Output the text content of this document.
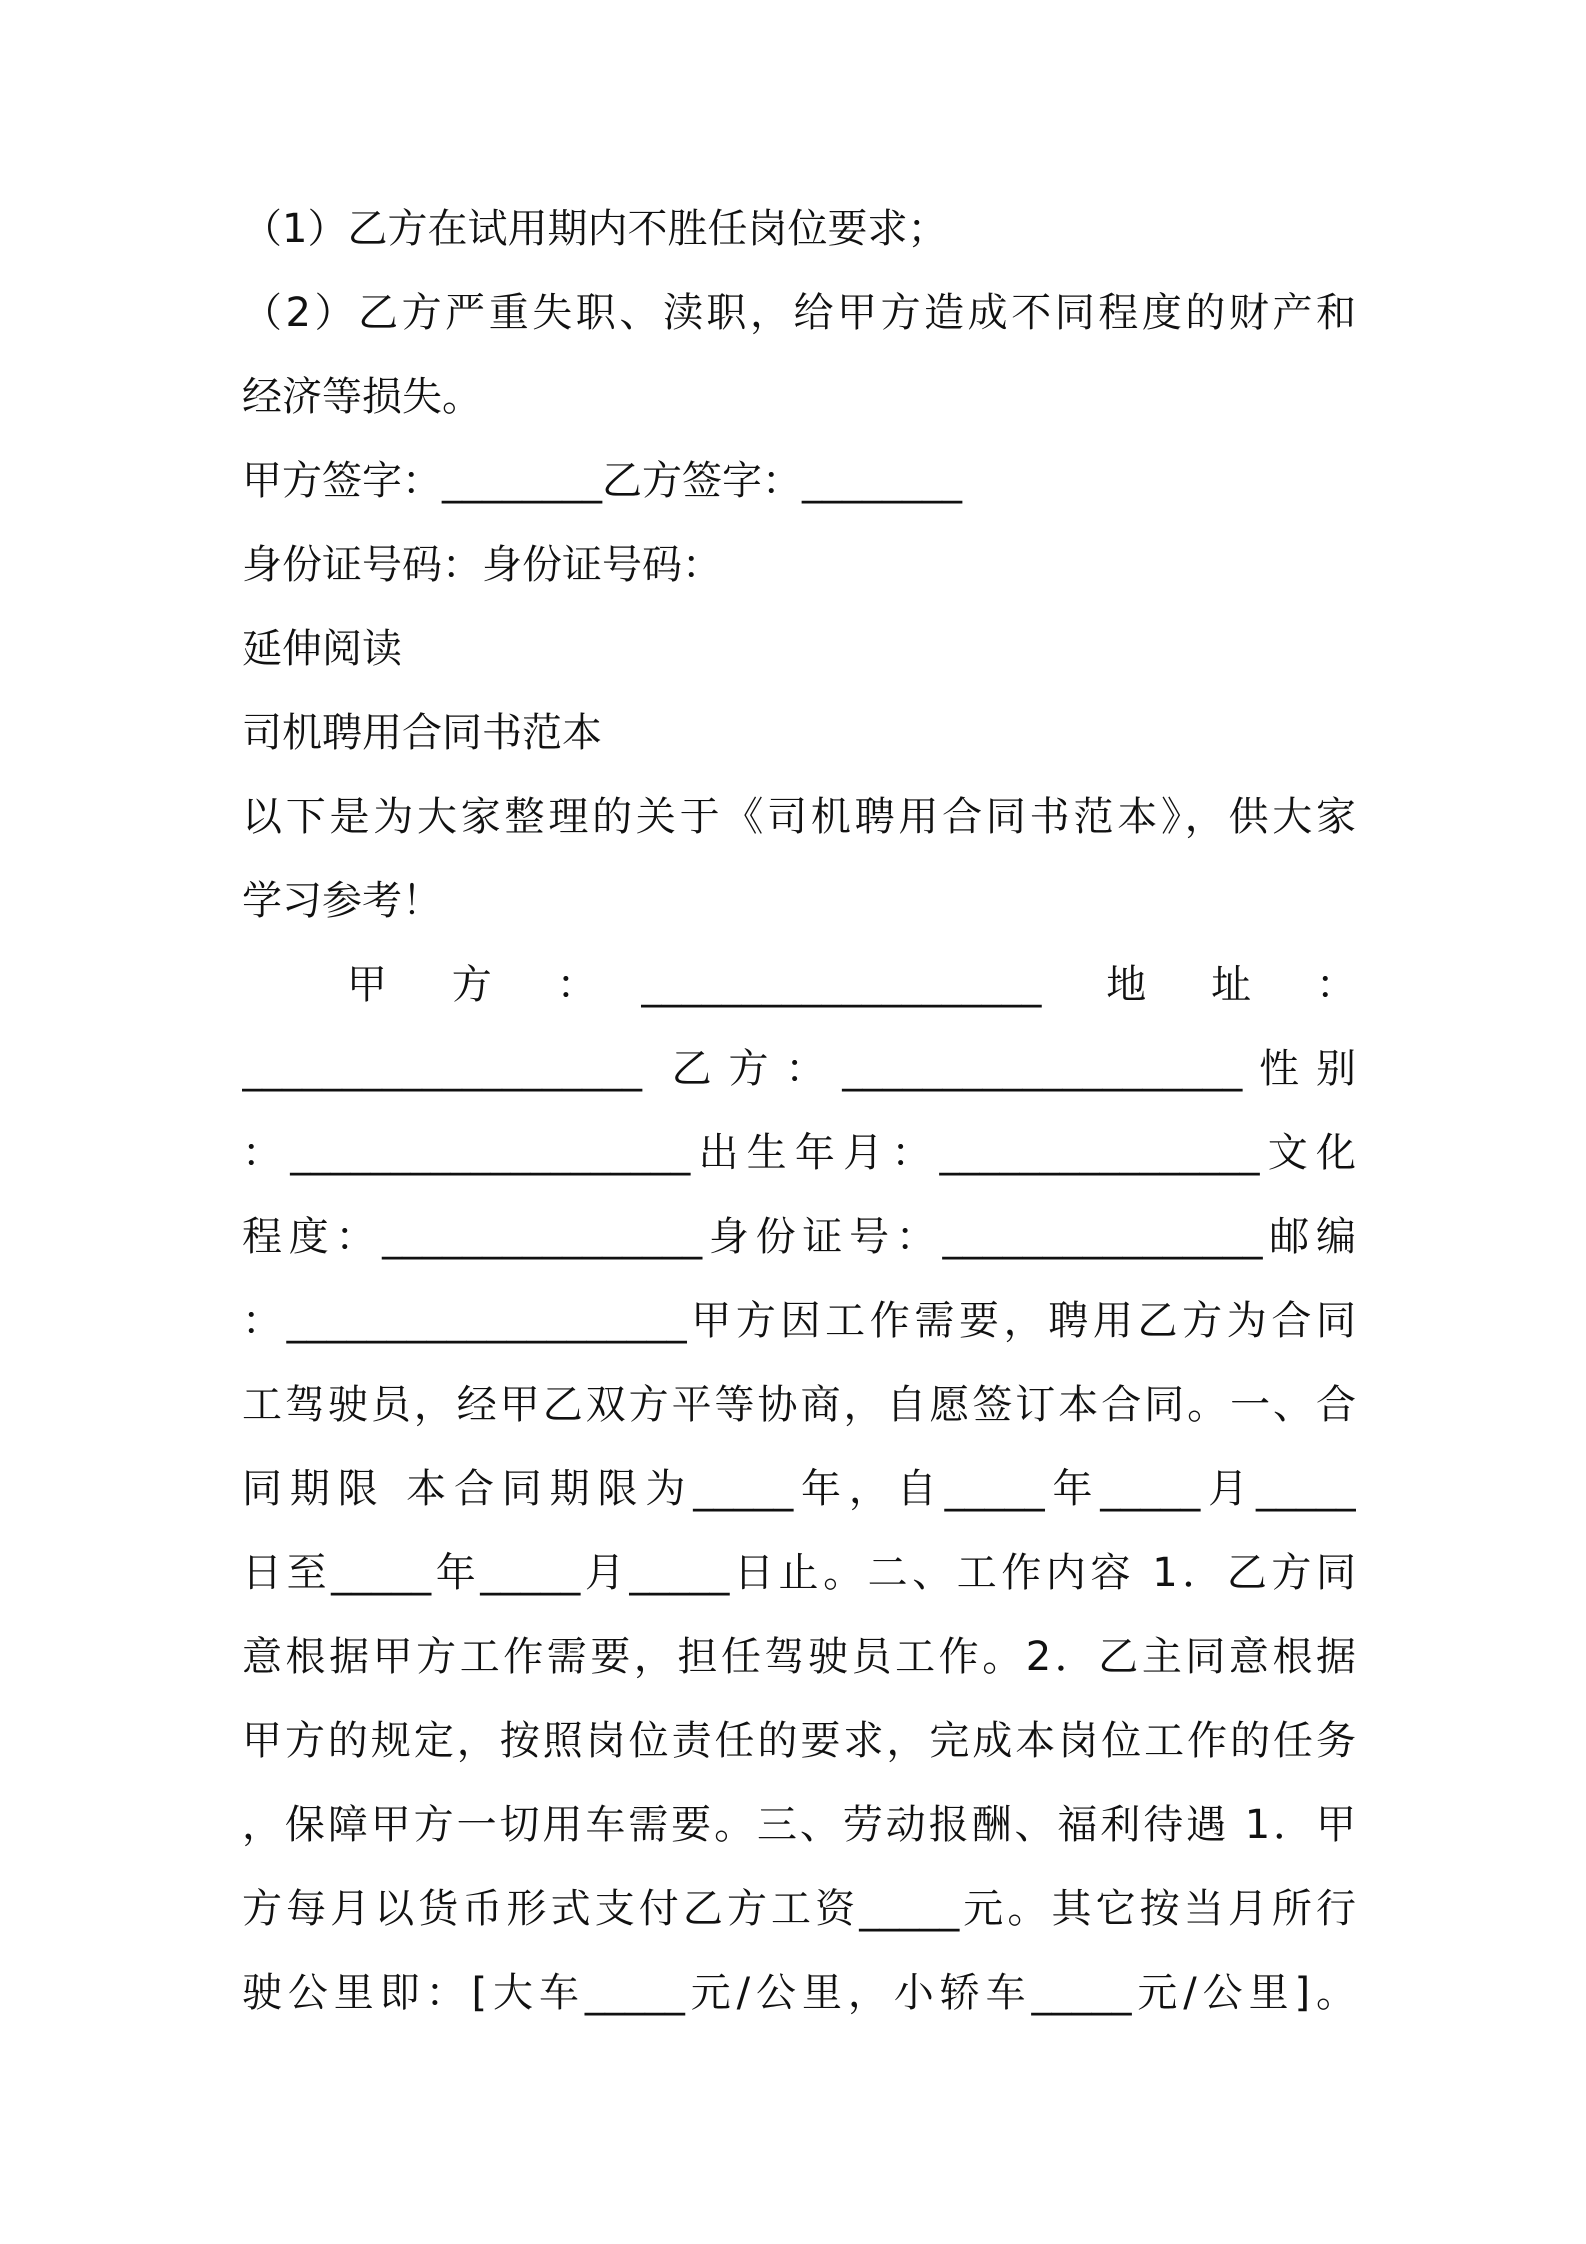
（1）乙方在试用期内不胜任岗位要求；
（2）乙方严重失职、渎职，给甲方造成不同程度的财产和
经济等损失。
甲方签字：________乙方签字：________
身份证号码：身份证号码：
延伸阅读
司机聘用合同书范本
以下是为大家整理的关于《司机聘用合同书范本》，供大家
学习参考！
　　甲　方　：　____________________　地　址　：
____________________ 乙方：____________________性别
：____________________出生年月：________________文化
程度：________________身份证号：________________邮编
：____________________甲方因工作需要，聘用乙方为合同
工驾驶员，经甲乙双方平等协商，自愿签订本合同。一、合
同期限 本合同期限为_____年，自_____年_____月_____
日至_____年_____月_____日止。二、工作内容 1．乙方同
意根据甲方工作需要，担任驾驶员工作。2．乙主同意根据
甲方的规定，按照岗位责任的要求，完成本岗位工作的任务
，保障甲方一切用车需要。三、劳动报酬、福利待遇 1．甲
方每月以货币形式支付乙方工资_____元。其它按当月所行
驶公里即：[大车_____元/公里，小轿车_____元/公里]。
